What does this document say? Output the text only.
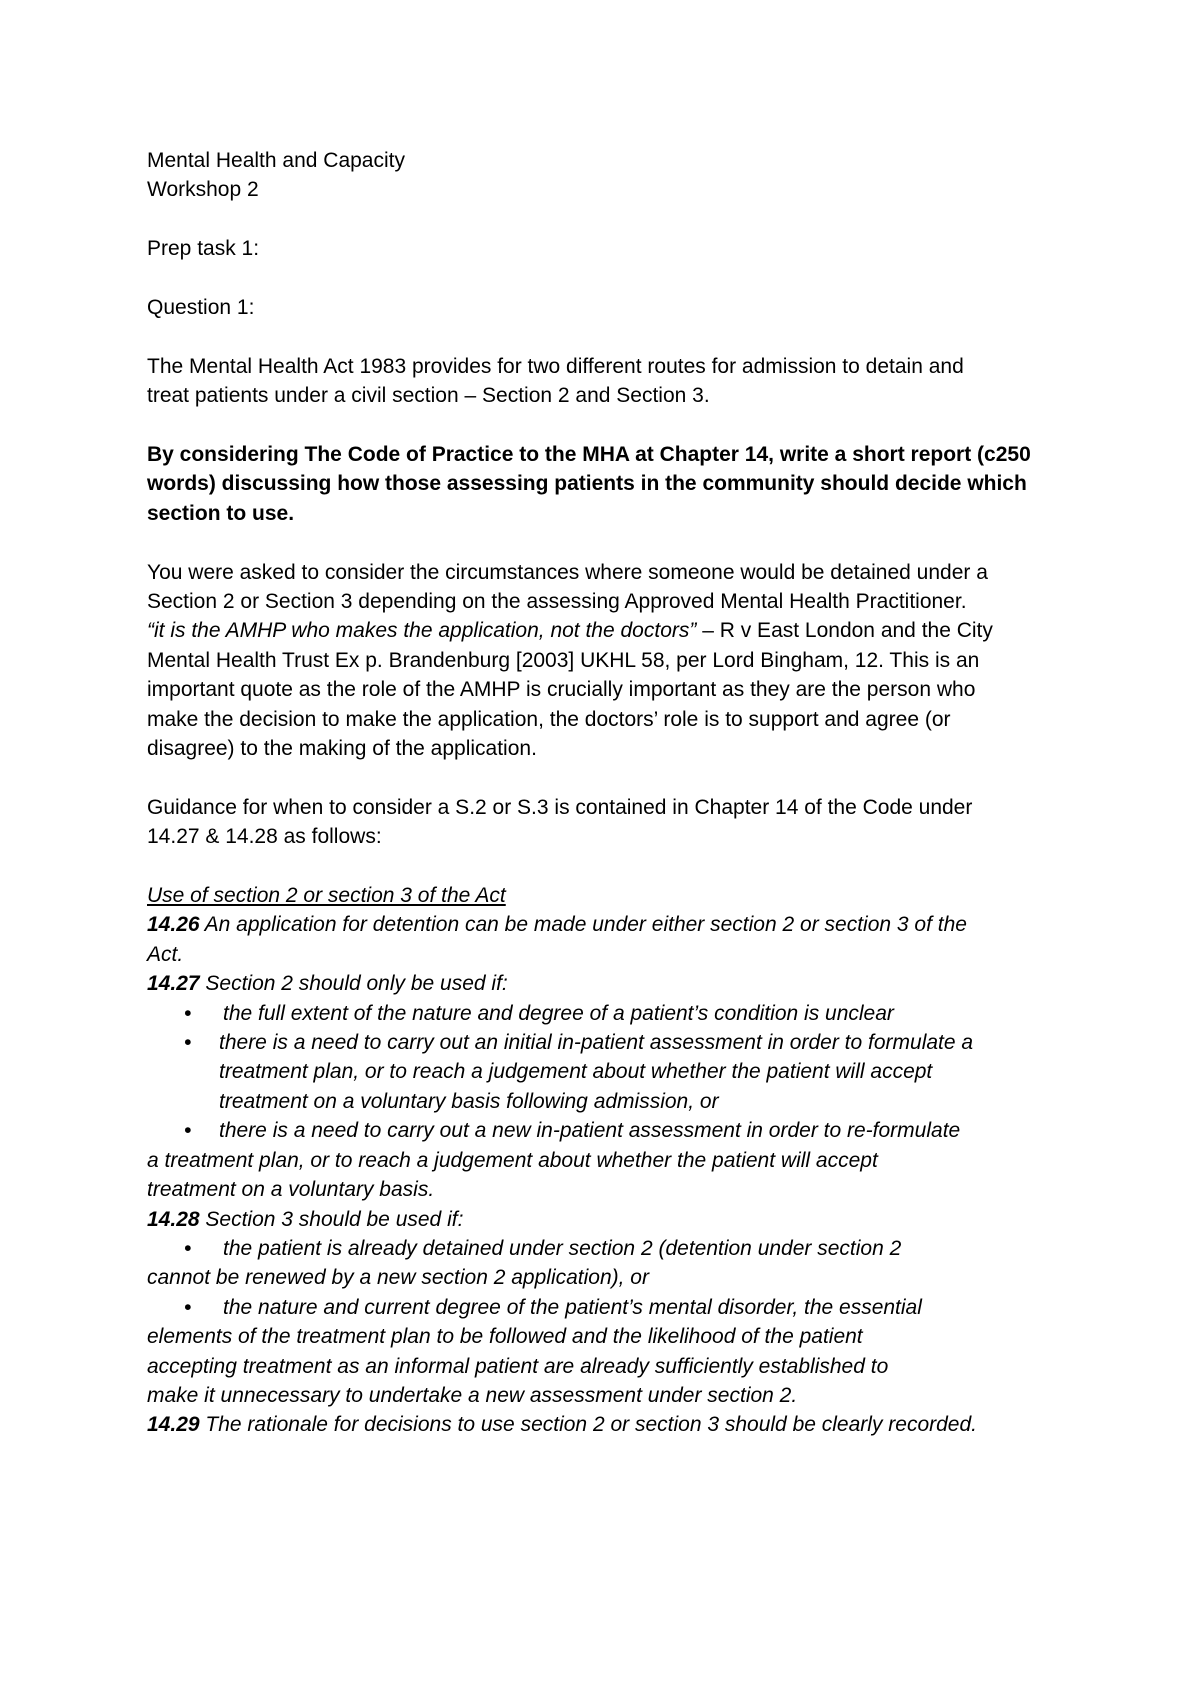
Mental Health and Capacity
Workshop 2
Prep task 1:
Question 1:
The Mental Health Act 1983 provides for two different routes for admission to detain and
treat patients under a civil section – Section 2 and Section 3.
By considering The Code of Practice to the MHA at Chapter 14, write a short report (c250
words) discussing how those assessing patients in the community should decide which
section to use.
You were asked to consider the circumstances where someone would be detained under a
Section 2 or Section 3 depending on the assessing Approved Mental Health Practitioner.
“it is the AMHP who makes the application, not the doctors” – R v East London and the City
Mental Health Trust Ex p. Brandenburg [2003] UKHL 58, per Lord Bingham, 12. This is an
important quote as the role of the AMHP is crucially important as they are the person who
make the decision to make the application, the doctors’ role is to support and agree (or
disagree) to the making of the application.
Guidance for when to consider a S.2 or S.3 is contained in Chapter 14 of the Code under
14.27 & 14.28 as follows:
Use of section 2 or section 3 of the Act
14.26 An application for detention can be made under either section 2 or section 3 of the
Act.
14.27 Section 2 should only be used if:
• the full extent of the nature and degree of a patient’s condition is unclear
• there is a need to carry out an initial in-patient assessment in order to formulate a
treatment plan, or to reach a judgement about whether the patient will accept
treatment on a voluntary basis following admission, or
• there is a need to carry out a new in-patient assessment in order to re-formulate
a treatment plan, or to reach a judgement about whether the patient will accept
treatment on a voluntary basis.
14.28 Section 3 should be used if:
• the patient is already detained under section 2 (detention under section 2
cannot be renewed by a new section 2 application), or
• the nature and current degree of the patient’s mental disorder, the essential
elements of the treatment plan to be followed and the likelihood of the patient
accepting treatment as an informal patient are already sufficiently established to
make it unnecessary to undertake a new assessment under section 2.
14.29 The rationale for decisions to use section 2 or section 3 should be clearly recorded.
